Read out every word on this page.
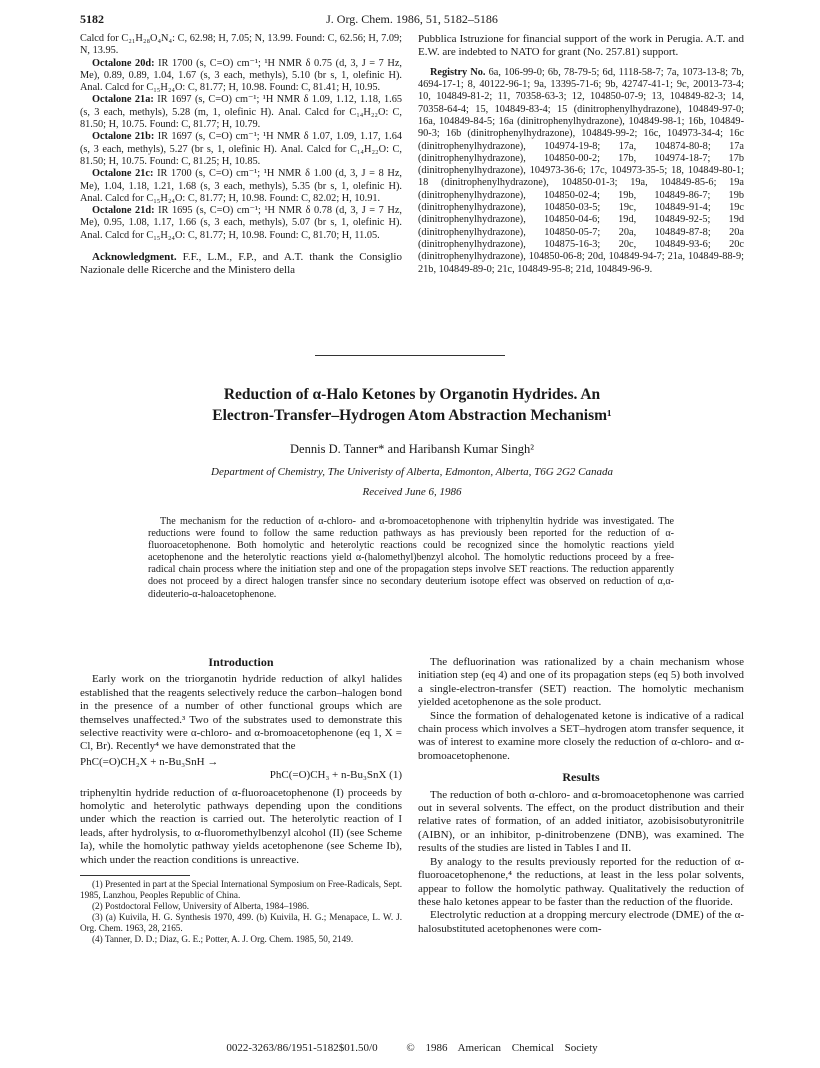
5182	J. Org. Chem. 1986, 51, 5182–5186

Calcd for C₂₁H₂₈O₄N₄: C, 62.98; H, 7.05; N, 13.99. Found: C, 62.56; H, 7.09; N, 13.95.

Octalone 20d: IR 1700 (s, C=O) cm⁻¹; ¹H NMR δ 0.75 (d, 3, J = 7 Hz, Me), 0.89, 0.89, 1.04, 1.67 (s, 3 each, methyls), 5.10 (br s, 1, olefinic H). Anal. Calcd for C₁₅H₂₄O: C, 81.77; H, 10.98. Found: C, 81.41; H, 10.95.

Octalone 21a: IR 1697 (s, C=O) cm⁻¹; ¹H NMR δ 1.09, 1.12, 1.18, 1.65 (s, 3 each, methyls), 5.28 (m, 1, olefinic H). Anal. Calcd for C₁₄H₂₂O: C, 81.50; H, 10.75. Found: C, 81.77; H, 10.79.

Octalone 21b: IR 1697 (s, C=O) cm⁻¹; ¹H NMR δ 1.07, 1.09, 1.17, 1.64 (s, 3 each, methyls), 5.27 (br s, 1, olefinic H). Anal. Calcd for C₁₄H₂₂O: C, 81.50; H, 10.75. Found: C, 81.25; H, 10.85.

Octalone 21c: IR 1700 (s, C=O) cm⁻¹; ¹H NMR δ 1.00 (d, 3, J = 8 Hz, Me), 1.04, 1.18, 1.21, 1.68 (s, 3 each, methyls), 5.35 (br s, 1, olefinic H). Anal. Calcd for C₁₅H₂₄O: C, 81.77; H, 10.98. Found: C, 82.02; H, 10.91.

Octalone 21d: IR 1695 (s, C=O) cm⁻¹; ¹H NMR δ 0.78 (d, 3, J = 7 Hz, Me), 0.95, 1.08, 1.17, 1.66 (s, 3 each, methyls), 5.07 (br s, 1, olefinic H). Anal. Calcd for C₁₅H₂₄O: C, 81.77; H, 10.98. Found: C, 81.70; H, 11.05.

Acknowledgment. F.F., L.M., F.P., and A.T. thank the Consiglio Nazionale delle Ricerche and the Ministero della

Pubblica Istruzione for financial support of the work in Perugia. A.T. and E.W. are indebted to NATO for grant (No. 257.81) support.

Registry No. 6a, 106-99-0; 6b, 78-79-5; 6d, 1118-58-7; 7a, 1073-13-8; 7b, 4694-17-1; 8, 40122-96-1; 9a, 13395-71-6; 9b, 42747-41-1; 9c, 20013-73-4; 10, 104849-81-2; 11, 70358-63-3; 12, 104850-07-9; 13, 104849-82-3; 14, 70358-64-4; 15, 104849-83-4; 15 (dinitrophenylhydrazone), 104849-97-0; 16a, 104849-84-5; 16a (dinitrophenylhydrazone), 104849-98-1; 16b, 104849-90-3; 16b (dinitrophenylhydrazone), 104849-99-2; 16c, 104973-34-4; 16c (dinitrophenylhydrazone), 104974-19-8; 17a, 104874-80-8; 17a (dinitrophenylhydrazone), 104850-00-2; 17b, 104974-18-7; 17b (dinitrophenylhydrazone), 104973-36-6; 17c, 104973-35-5; 18, 104849-80-1; 18 (dinitrophenylhydrazone), 104850-01-3; 19a, 104849-85-6; 19a (dinitrophenylhydrazone), 104850-02-4; 19b, 104849-86-7; 19b (dinitrophenylhydrazone), 104850-03-5; 19c, 104849-91-4; 19c (dinitrophenylhydrazone), 104850-04-6; 19d, 104849-92-5; 19d (dinitrophenylhydrazone), 104850-05-7; 20a, 104849-87-8; 20a (dinitrophenylhydrazone), 104875-16-3; 20c, 104849-93-6; 20c (dinitrophenylhydrazone), 104850-06-8; 20d, 104849-94-7; 21a, 104849-88-9; 21b, 104849-89-0; 21c, 104849-95-8; 21d, 104849-96-9.

Reduction of α-Halo Ketones by Organotin Hydrides. An
Electron-Transfer–Hydrogen Atom Abstraction Mechanism¹
Dennis D. Tanner* and Haribansh Kumar Singh²
Department of Chemistry, The Univeristy of Alberta, Edmonton, Alberta, T6G 2G2 Canada
Received June 6, 1986
The mechanism for the reduction of α-chloro- and α-bromoacetophenone with triphenyltin hydride was investigated. The reductions were found to follow the same reduction pathways as has previously been reported for the reduction of α-fluoroacetophenone. Both homolytic and heterolytic reactions could be recognized since the homolytic reactions yield acetophenone and the heterolytic reactions yield α-(halomethyl)benzyl alcohol. The homolytic reductions proceed by a free-radical chain process where the initiation step and one of the propagation steps involve SET reactions. The reduction apparently does not proceed by a direct halogen transfer since no secondary deuterium isotope effect was observed on reduction of α,α-dideuterio-α-haloacetophenone.
Introduction

Early work on the triorganotin hydride reduction of alkyl halides established that the reagents selectively reduce the carbon–halogen bond in the presence of a number of other functional groups which are themselves unaffected.³ Two of the substrates used to demonstrate this selective reactivity were α-chloro- and α-bromoacetophenone (eq 1, X = Cl, Br). Recently⁴ we have demonstrated that the

PhC(=O)CH₂X + n-Bu₃SnH →
PhC(=O)CH₃ + n-Bu₃SnX (1)

triphenyltin hydride reduction of α-fluoroacetophenone (I) proceeds by homolytic and heterolytic pathways depending upon the conditions under which the reaction is carried out. The heterolytic reaction of I leads, after hydrolysis, to α-fluoromethylbenzyl alcohol (II) (see Scheme Ia), while the homolytic pathway yields acetophenone (see Scheme Ib), which under the reaction conditions is unreactive.

(1) Presented in part at the Special International Symposium on Free-Radicals, Sept. 1985, Lanzhou, Peoples Republic of China.

(2) Postdoctoral Fellow, University of Alberta, 1984–1986.

(3) (a) Kuivila, H. G. Synthesis 1970, 499. (b) Kuivila, H. G.; Menapace, L. W. J. Org. Chem. 1963, 28, 2165.

(4) Tanner, D. D.; Diaz, G. E.; Potter, A. J. Org. Chem. 1985, 50, 2149.

The defluorination was rationalized by a chain mechanism whose initiation step (eq 4) and one of its propagation steps (eq 5) both involved a single-electron-transfer (SET) reaction. The homolytic mechanism yielded acetophenone as the sole product.

Since the formation of dehalogenated ketone is indicative of a radical chain process which involves a SET–hydrogen atom transfer sequence, it was of interest to examine more closely the reduction of α-chloro- and α-bromoacetophenone.

Results

The reduction of both α-chloro- and α-bromoacetophenone was carried out in several solvents. The effect, on the product distribution and their relative rates of formation, of an added initiator, azobisisobutyronitrile (AIBN), or an inhibitor, p-dinitrobenzene (DNB), was examined. The results of the studies are listed in Tables I and II.

By analogy to the results previously reported for the reduction of α-fluoroacetophenone,⁴ the reductions, at least in the less polar solvents, appear to follow the homolytic pathway. Qualitatively the reduction of these halo ketones appear to be faster than the reduction of the fluoride.

Electrolytic reduction at a dropping mercury electrode (DME) of the α-halosubstituted acetophenones were com-

0022-3263/86/1951-5182$01.50/0	© 1986 American Chemical Society
